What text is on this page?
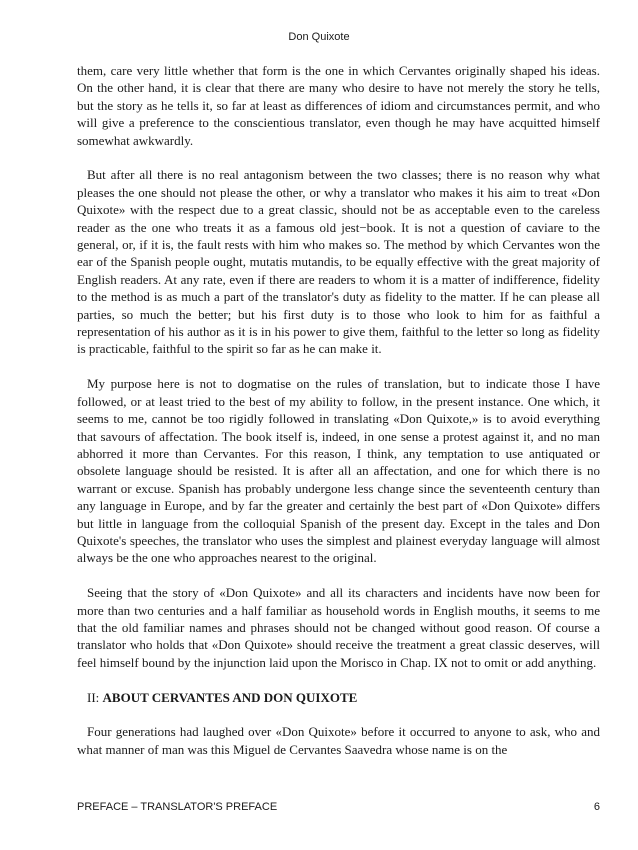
Don Quixote

them, care very little whether that form is the one in which Cervantes originally shaped his ideas. On the other hand, it is clear that there are many who desire to have not merely the story he tells, but the story as he tells it, so far at least as differences of idiom and circumstances permit, and who will give a preference to the conscientious translator, even though he may have acquitted himself somewhat awkwardly.

But after all there is no real antagonism between the two classes; there is no reason why what pleases the one should not please the other, or why a translator who makes it his aim to treat «Don Quixote» with the respect due to a great classic, should not be as acceptable even to the careless reader as the one who treats it as a famous old jest−book. It is not a question of caviare to the general, or, if it is, the fault rests with him who makes so. The method by which Cervantes won the ear of the Spanish people ought, mutatis mutandis, to be equally effective with the great majority of English readers. At any rate, even if there are readers to whom it is a matter of indifference, fidelity to the method is as much a part of the translator's duty as fidelity to the matter. If he can please all parties, so much the better; but his first duty is to those who look to him for as faithful a representation of his author as it is in his power to give them, faithful to the letter so long as fidelity is practicable, faithful to the spirit so far as he can make it.

My purpose here is not to dogmatise on the rules of translation, but to indicate those I have followed, or at least tried to the best of my ability to follow, in the present instance. One which, it seems to me, cannot be too rigidly followed in translating «Don Quixote,» is to avoid everything that savours of affectation. The book itself is, indeed, in one sense a protest against it, and no man abhorred it more than Cervantes. For this reason, I think, any temptation to use antiquated or obsolete language should be resisted. It is after all an affectation, and one for which there is no warrant or excuse. Spanish has probably undergone less change since the seventeenth century than any language in Europe, and by far the greater and certainly the best part of «Don Quixote» differs but little in language from the colloquial Spanish of the present day. Except in the tales and Don Quixote's speeches, the translator who uses the simplest and plainest everyday language will almost always be the one who approaches nearest to the original.

Seeing that the story of «Don Quixote» and all its characters and incidents have now been for more than two centuries and a half familiar as household words in English mouths, it seems to me that the old familiar names and phrases should not be changed without good reason. Of course a translator who holds that «Don Quixote» should receive the treatment a great classic deserves, will feel himself bound by the injunction laid upon the Morisco in Chap. IX not to omit or add anything.

II: ABOUT CERVANTES AND DON QUIXOTE

Four generations had laughed over «Don Quixote» before it occurred to anyone to ask, who and what manner of man was this Miguel de Cervantes Saavedra whose name is on the

PREFACE – TRANSLATOR'S PREFACE	6
